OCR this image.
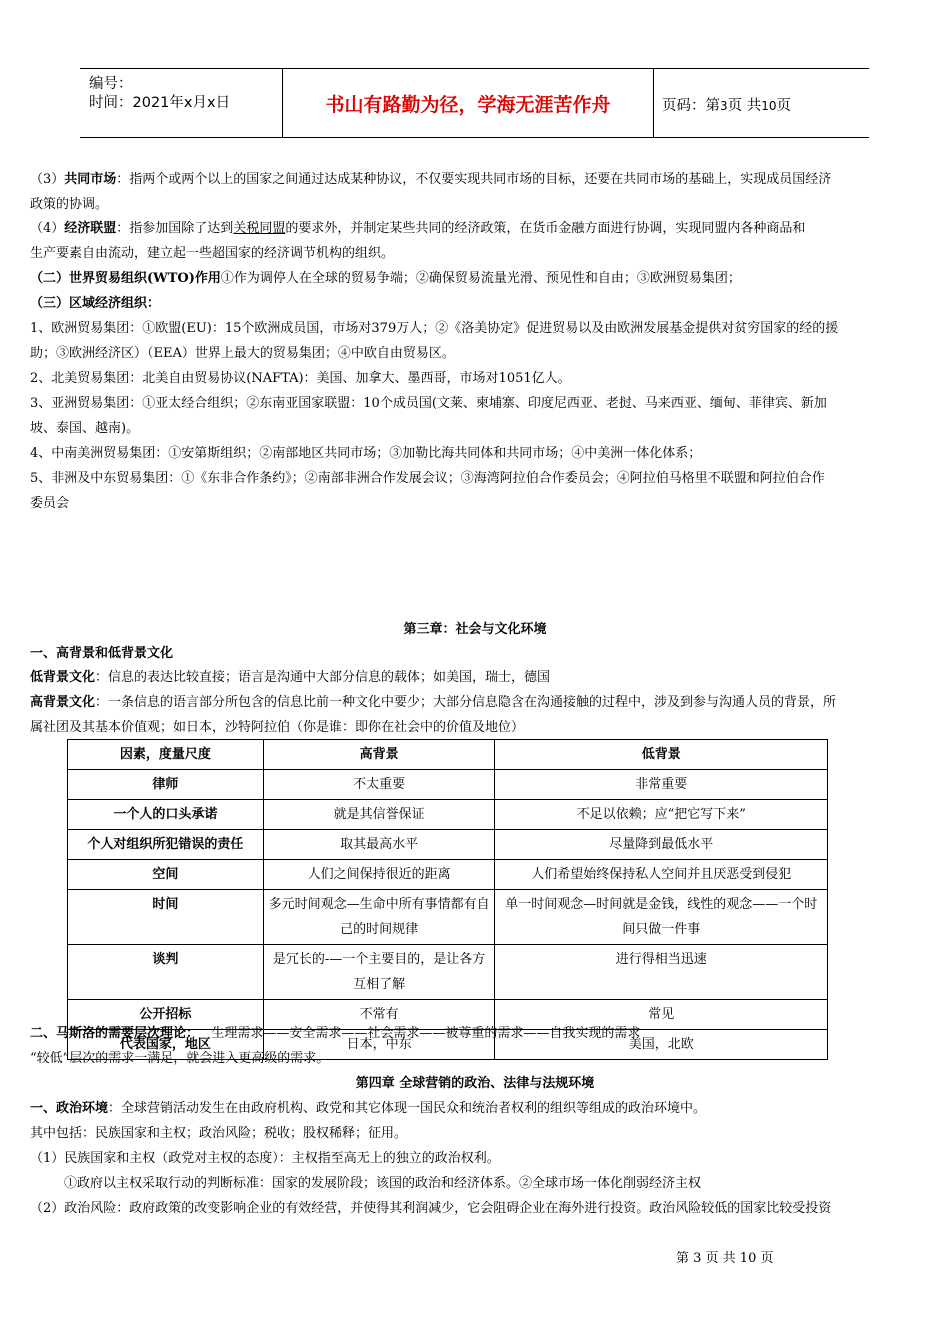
编号：
时间：2021年x月x日	书山有路勤为径，学海无涯苦作舟	页码：第3页 共10页
（3）共同市场：指两个或两个以上的国家之间通过达成某种协议，不仅要实现共同市场的目标，还要在共同市场的基础上，实现成员国经济
政策的协调。
（4）经济联盟：指参加国除了达到关税同盟的要求外，并制定某些共同的经济政策，在货币金融方面进行协调，实现同盟内各种商品和
生产要素自由流动，建立起一些超国家的经济调节机构的组织。
（二）世界贸易组织(WTO)作用①作为调停人在全球的贸易争端；②确保贸易流量光滑、预见性和自由；③欧洲贸易集团；
（三）区域经济组织：
1、欧洲贸易集团：①欧盟(EU)：15个欧洲成员国，市场对379万人；②《洛美协定》促进贸易以及由欧洲发展基金提供对贫穷国家的经的援
助；③欧洲经济区）（EEA）世界上最大的贸易集团；④中欧自由贸易区。
2、北美贸易集团：北美自由贸易协议(NAFTA)：美国、加拿大、墨西哥，市场对1051亿人。
3、亚洲贸易集团：①亚太经合组织；②东南亚国家联盟：10个成员国(文莱、柬埔寨、印度尼西亚、老挝、马来西亚、缅甸、菲律宾、新加
坡、泰国、越南)。
4、中南美洲贸易集团：①安第斯组织；②南部地区共同市场；③加勒比海共同体和共同市场；④中美洲一体化体系；
5、非洲及中东贸易集团：①《东非合作条约》；②南部非洲合作发展会议；③海湾阿拉伯合作委员会；④阿拉伯马格里不联盟和阿拉伯合作
委员会
第三章：社会与文化环境
一、高背景和低背景文化
低背景文化：信息的表达比较直接；语言是沟通中大部分信息的载体；如美国，瑞士，德国
高背景文化：一条信息的语言部分所包含的信息比前一种文化中要少；大部分信息隐含在沟通接触的过程中，涉及到参与沟通人员的背景，所
属社团及其基本价值观；如日本，沙特阿拉伯（你是谁：即你在社会中的价值及地位）
因素，度量尺度	高背景	低背景
律师	不太重要	非常重要
一个人的口头承诺	就是其信誉保证	不足以依赖；应“把它写下来”
个人对组织所犯错误的责任	取其最高水平	尽量降到最低水平
空间	人们之间保持很近的距离	人们希望始终保持私人空间并且厌恶受到侵犯
时间	多元时间观念—生命中所有事情都有自己的时间规律	单一时间观念—时间就是金钱，线性的观念——一个时间只做一件事
谈判	是冗长的-—一个主要目的，是让各方互相了解	进行得相当迅速
公开招标	不常有	常见
代表国家，地区	日本，中东	美国，北欧
二、马斯洛的需要层次理论：   生理需求——安全需求——社会需求——被尊重的需求——自我实现的需求
“较低”层次的需求一满足，就会进入更高级的需求。
第四章 全球营销的政治、法律与法规环境
一、政治环境：全球营销活动发生在由政府机构、政党和其它体现一国民众和统治者权利的组织等组成的政治环境中。
其中包括：民族国家和主权；政治风险；税收；股权稀释；征用。
（1）民族国家和主权（政党对主权的态度）：主权指至高无上的独立的政治权利。
①政府以主权采取行动的判断标准：国家的发展阶段；该国的政治和经济体系。②全球市场一体化削弱经济主权
（2）政治风险：政府政策的改变影响企业的有效经营，并使得其利润减少，它会阻碍企业在海外进行投资。政治风险较低的国家比较受投资
第 3 页 共 10 页
